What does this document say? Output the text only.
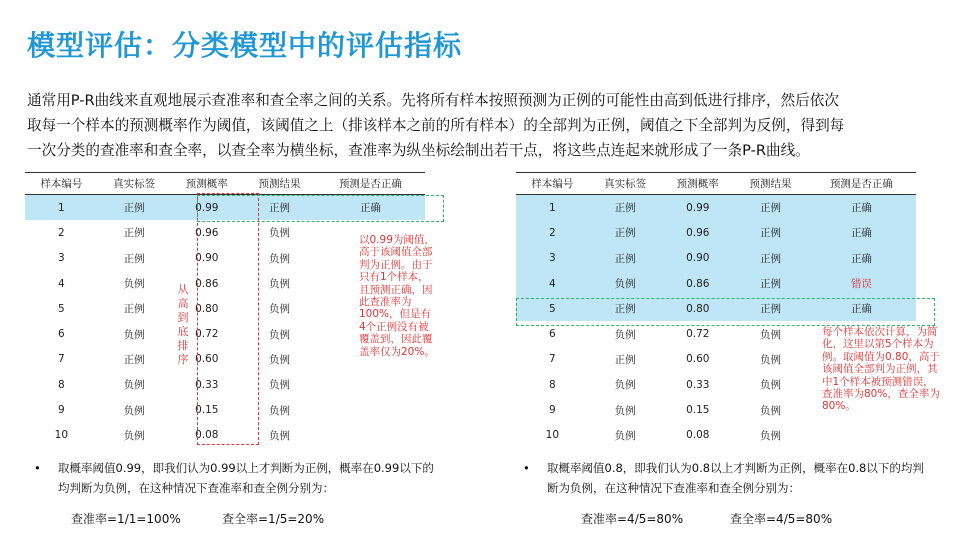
模型评估：分类模型中的评估指标

通常用P-R曲线来直观地展示查准率和查全率之间的关系。先将所有样本按照预测为正例的可能性由高到低进行排序，然后依次

取每一个样本的预测概率作为阈值，该阈值之上（排该样本之前的所有样本）的全部判为正例，阈值之下全部判为反例，得到每

一次分类的查准率和查全率，以查全率为横坐标，查准率为纵坐标绘制出若干点，将这些点连起来就形成了一条P-R曲线。

样本编号	真实标签	预测概率	预测结果	预测是否正确
1	正例	0.99	正例	正确
2	正例	0.96	负例	
3	正例	0.90	负例	
4	负例	0.86	负例	
5	正例	0.80	负例	
6	负例	0.72	负例	
7	正例	0.60	负例	
8	负例	0.33	负例	
9	负例	0.15	负例	
10	负例	0.08	负例	
样本编号	真实标签	预测概率	预测结果	预测是否正确
1	正例	0.99	正例	正确
2	正例	0.96	正例	正确
3	正例	0.90	正例	正确
4	负例	0.86	正例	错误
5	正例	0.80	正例	正确
6	负例	0.72	负例	
7	正例	0.60	负例	
8	负例	0.33	负例	
9	负例	0.15	负例	
10	负例	0.08	负例	
从高到底排序
以0.99为阈值，高于该阈值全部判为正例。由于只有1个样本，且预测正确，因此查准率为100%，但是有4个正例没有被覆盖到，因此覆盖率仅为20%。
每个样本依次计算，为简化，这里以第5个样本为例。取阈值为0.80，高于该阈值全部判为正例，其中1个样本被预测错误，查准率为80%，查全率为80%。
• 取概率阈值0.99，即我们认为0.99以上才判断为正例，概率在0.99以下的均判断为负例，在这种情况下查准率和查全例分别为：
• 取概率阈值0.8，即我们认为0.8以上才判断为正例，概率在0.8以下的均判断为负例，在这种情况下查准率和查全例分别为：
查准率=1/1=100%	查全率=1/5=20%	查准率=4/5=80%	查全率=4/5=80%
